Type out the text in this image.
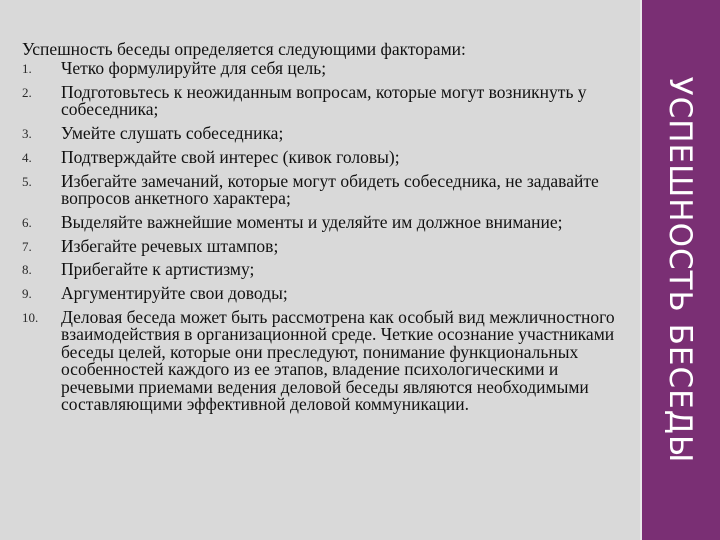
Успешность беседы определяется следующими факторами:
1. Четко формулируйте для себя цель;
2. Подготовьтесь к неожиданным вопросам, которые могут возникнуть у собеседника;
3. Умейте слушать собеседника;
4. Подтверждайте свой интерес (кивок головы);
5. Избегайте замечаний, которые могут обидеть собеседника, не задавайте вопросов анкетного характера;
6. Выделяйте важнейшие моменты и уделяйте им должное внимание;
7. Избегайте речевых штампов;
8. Прибегайте к артистизму;
9. Аргументируйте свои доводы;
10. Деловая беседа может быть рассмотрена как особый вид межличностного взаимодействия в организационной среде. Четкие осознание участниками беседы целей, которые они преследуют, понимание функциональных особенностей каждого из ее этапов, владение психологическими и речевыми приемами ведения деловой беседы являются необходимыми составляющими эффективной деловой коммуникации.	УСПЕШНОСТЬ БЕСЕДЫ
